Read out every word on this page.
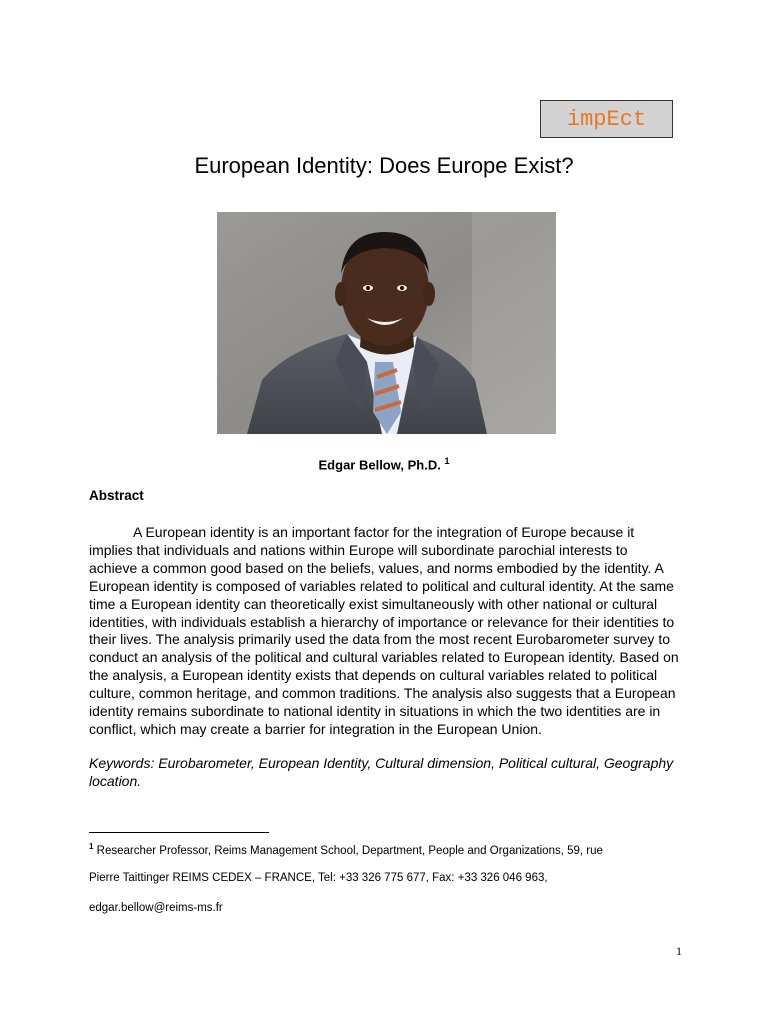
impEct
European Identity: Does Europe Exist?
Edgar Bellow, Ph.D. $^1$
Abstract

A European identity is an important factor for the integration of Europe because it implies that individuals and nations within Europe will subordinate parochial interests to achieve a common good based on the beliefs, values, and norms embodied by the identity. A European identity is composed of variables related to political and cultural identity. At the same time a European identity can theoretically exist simultaneously with other national or cultural identities, with individuals establish a hierarchy of importance or relevance for their identities to their lives. The analysis primarily used the data from the most recent Eurobarometer survey to conduct an analysis of the political and cultural variables related to European identity. Based on the analysis, a European identity exists that depends on cultural variables related to political culture, common heritage, and common traditions. The analysis also suggests that a European identity remains subordinate to national identity in situations in which the two identities are in conflict, which may create a barrier for integration in the European Union.

Keywords: Eurobarometer, European Identity, Cultural dimension, Political cultural, Geography location.

$^1$ Researcher Professor, Reims Management School, Department, People and Organizations, 59, rue
Pierre Taittinger REIMS CEDEX – FRANCE, Tel: +33 326 775 677, Fax: +33 326 046 963,
edgar.bellow@reims-ms.fr
1
